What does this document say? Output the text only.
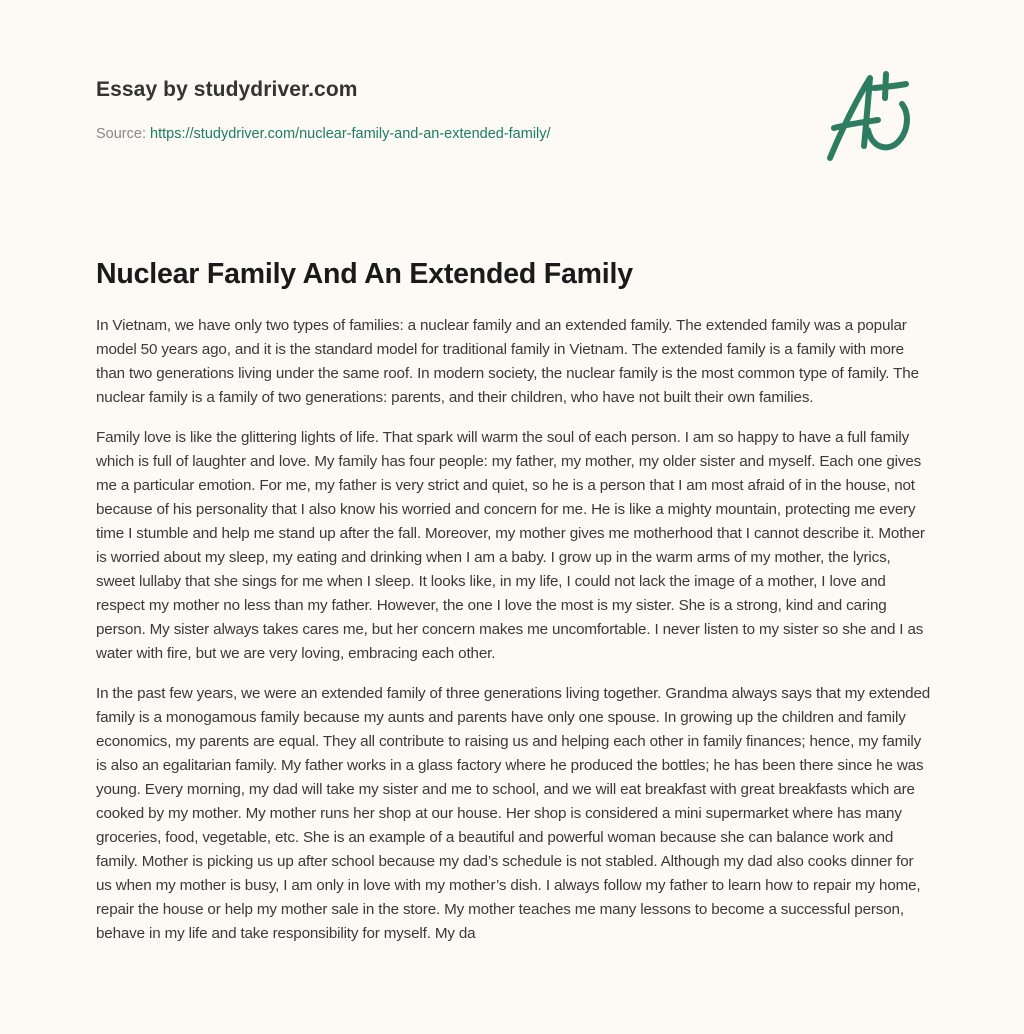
Essay by studydriver.com
Source: https://studydriver.com/nuclear-family-and-an-extended-family/
Nuclear Family And An Extended Family

In Vietnam, we have only two types of families: a nuclear family and an extended family. The extended family was a popular model 50 years ago, and it is the standard model for traditional family in Vietnam. The extended family is a family with more than two generations living under the same roof. In modern society, the nuclear family is the most common type of family. The nuclear family is a family of two generations: parents, and their children, who have not built their own families.

Family love is like the glittering lights of life. That spark will warm the soul of each person. I am so happy to have a full family which is full of laughter and love. My family has four people: my father, my mother, my older sister and myself. Each one gives me a particular emotion. For me, my father is very strict and quiet, so he is a person that I am most afraid of in the house, not because of his personality that I also know his worried and concern for me. He is like a mighty mountain, protecting me every time I stumble and help me stand up after the fall. Moreover, my mother gives me motherhood that I cannot describe it. Mother is worried about my sleep, my eating and drinking when I am a baby. I grow up in the warm arms of my mother, the lyrics, sweet lullaby that she sings for me when I sleep. It looks like, in my life, I could not lack the image of a mother, I love and respect my mother no less than my father. However, the one I love the most is my sister. She is a strong, kind and caring person. My sister always takes cares me, but her concern makes me uncomfortable. I never listen to my sister so she and I as water with fire, but we are very loving, embracing each other.

In the past few years, we were an extended family of three generations living together. Grandma always says that my extended family is a monogamous family because my aunts and parents have only one spouse. In growing up the children and family economics, my parents are equal. They all contribute to raising us and helping each other in family finances; hence, my family is also an egalitarian family. My father works in a glass factory where he produced the bottles; he has been there since he was young. Every morning, my dad will take my sister and me to school, and we will eat breakfast with great breakfasts which are cooked by my mother. My mother runs her shop at our house. Her shop is considered a mini supermarket where has many groceries, food, vegetable, etc. She is an example of a beautiful and powerful woman because she can balance work and family. Mother is picking us up after school because my dad’s schedule is not stabled. Although my dad also cooks dinner for us when my mother is busy, I am only in love with my mother’s dish. I always follow my father to learn how to repair my home, repair the house or help my mother sale in the store. My mother teaches me many lessons to become a successful person, behave in my life and take responsibility for myself. My da
